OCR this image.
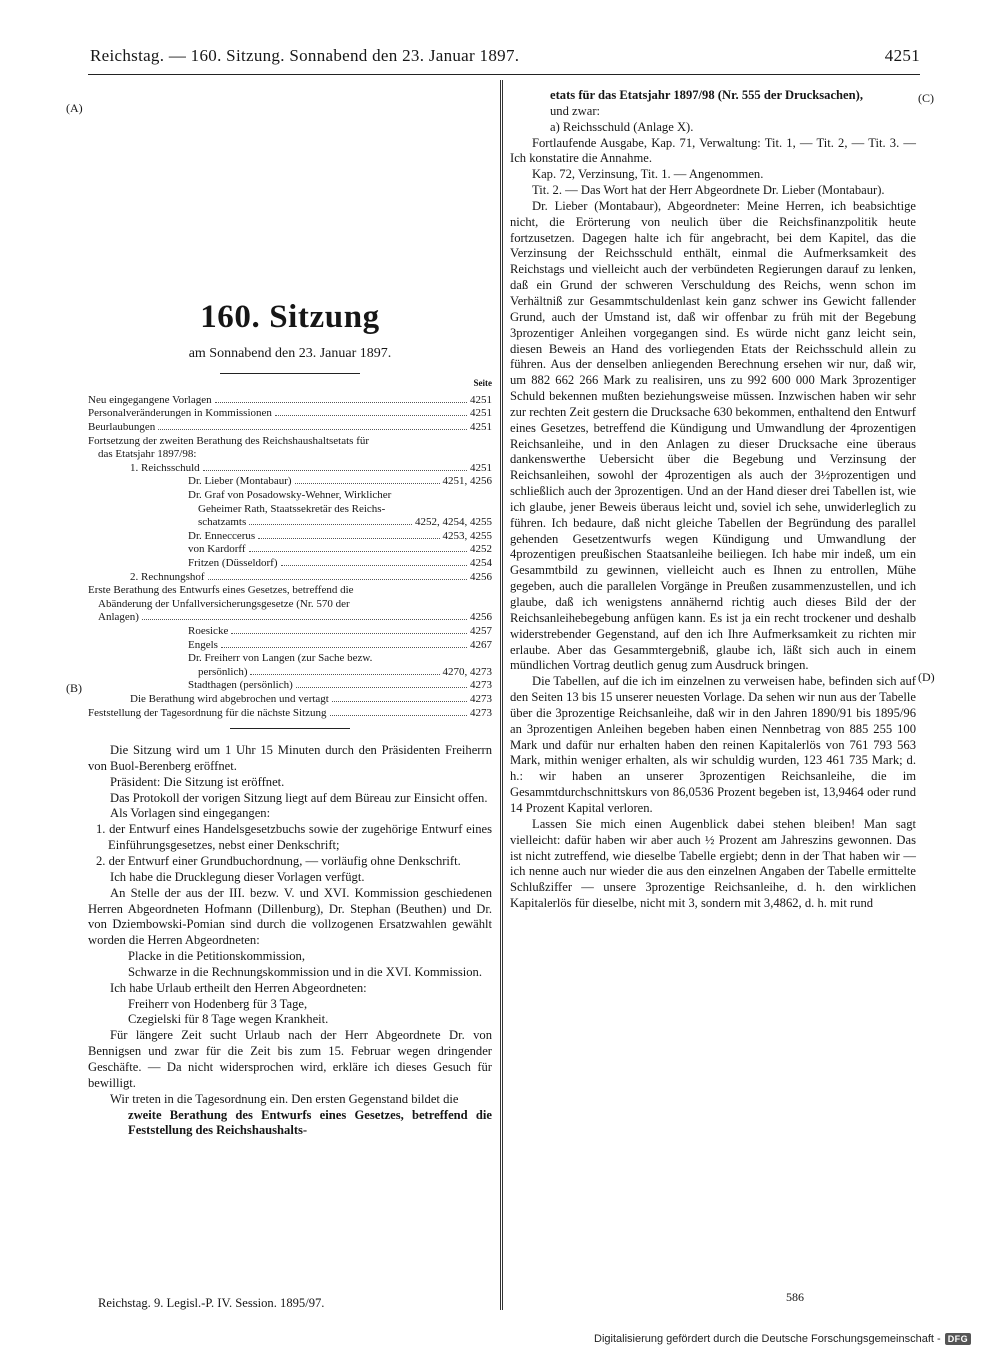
Reichstag. — 160. Sitzung. Sonnabend den 23. Januar 1897.	4251
(A)
(B)
(C)
(D)
160. Sitzung
am Sonnabend den 23. Januar 1897.
Seite
Neu eingegangene Vorlagen	4251
Personalveränderungen in Kommissionen	4251
Beurlaubungen	4251
Fortsetzung der zweiten Berathung des Reichshaushaltsetats für
das Etatsjahr 1897/98:
1. Reichsschuld	4251
Dr. Lieber (Montabaur)	4251, 4256
Dr. Graf von Posadowsky-Wehner, Wirklicher
Geheimer Rath, Staatssekretär des Reichs-
schatzamts	4252, 4254, 4255
Dr. Enneccerus	4253, 4255
von Kardorff	4252
Fritzen (Düsseldorf)	4254
2. Rechnungshof	4256
Erste Berathung des Entwurfs eines Gesetzes, betreffend die
Abänderung der Unfallversicherungsgesetze (Nr. 570 der
Anlagen)	4256
Roesicke	4257
Engels	4267
Dr. Freiherr von Langen (zur Sache bezw.
persönlich)	4270, 4273
Stadthagen (persönlich)	4273
Die Berathung wird abgebrochen und vertagt	4273
Feststellung der Tagesordnung für die nächste Sitzung	4273

Die Sitzung wird um 1 Uhr 15 Minuten durch den Präsidenten Freiherrn von Buol-Berenberg eröffnet.

Präsident: Die Sitzung ist eröffnet.

Das Protokoll der vorigen Sitzung liegt auf dem Büreau zur Einsicht offen.

Als Vorlagen sind eingegangen:

1. der Entwurf eines Handelsgesetzbuchs sowie der zugehörige Entwurf eines Einführungsgesetzes, nebst einer Denkschrift;

2. der Entwurf einer Grundbuchordnung, — vorläufig ohne Denkschrift.

Ich habe die Drucklegung dieser Vorlagen verfügt.

An Stelle der aus der III. bezw. V. und XVI. Kommission geschiedenen Herren Abgeordneten Hofmann (Dillenburg), Dr. Stephan (Beuthen) und Dr. von Dziembowski-Pomian sind durch die vollzogenen Ersatzwahlen gewählt worden die Herren Abgeordneten:

Placke in die Petitionskommission,

Schwarze in die Rechnungskommission und in die XVI. Kommission.

Ich habe Urlaub ertheilt den Herren Abgeordneten:

Freiherr von Hodenberg für 3 Tage,

Czegielski für 8 Tage wegen Krankheit.

Für längere Zeit sucht Urlaub nach der Herr Abgeordnete Dr. von Bennigsen und zwar für die Zeit bis zum 15. Februar wegen dringender Geschäfte. — Da nicht widersprochen wird, erkläre ich dieses Gesuch für bewilligt.

Wir treten in die Tagesordnung ein. Den ersten Gegenstand bildet die

zweite Berathung des Entwurfs eines Gesetzes, betreffend die Feststellung des Reichshaushalts-

etats für das Etatsjahr 1897/98 (Nr. 555 der Drucksachen),

und zwar:

a) Reichsschuld (Anlage X).

Fortlaufende Ausgabe, Kap. 71, Verwaltung: Tit. 1, — Tit. 2, — Tit. 3. — Ich konstatire die Annahme.

Kap. 72, Verzinsung, Tit. 1. — Angenommen.

Tit. 2. — Das Wort hat der Herr Abgeordnete Dr. Lieber (Montabaur).

Dr. Lieber (Montabaur), Abgeordneter: Meine Herren, ich beabsichtige nicht, die Erörterung von neulich über die Reichsfinanzpolitik heute fortzusetzen. Dagegen halte ich für angebracht, bei dem Kapitel, das die Verzinsung der Reichsschuld enthält, einmal die Aufmerksamkeit des Reichstags und vielleicht auch der verbündeten Regierungen darauf zu lenken, daß ein Grund der schweren Verschuldung des Reichs, wenn schon im Verhältniß zur Gesammtschuldenlast kein ganz schwer ins Gewicht fallender Grund, auch der Umstand ist, daß wir offenbar zu früh mit der Begebung 3prozentiger Anleihen vorgegangen sind. Es würde nicht ganz leicht sein, diesen Beweis an Hand des vorliegenden Etats der Reichsschuld allein zu führen. Aus der denselben anliegenden Berechnung ersehen wir nur, daß wir, um 882 662 266 Mark zu realisiren, uns zu 992 600 000 Mark 3prozentiger Schuld bekennen mußten beziehungsweise müssen. Inzwischen haben wir sehr zur rechten Zeit gestern die Drucksache 630 bekommen, enthaltend den Entwurf eines Gesetzes, betreffend die Kündigung und Umwandlung der 4prozentigen Reichsanleihe, und in den Anlagen zu dieser Drucksache eine überaus dankenswerthe Uebersicht über die Begebung und Verzinsung der Reichsanleihen, sowohl der 4prozentigen als auch der 3½prozentigen und schließlich auch der 3prozentigen. Und an der Hand dieser drei Tabellen ist, wie ich glaube, jener Beweis überaus leicht und, soviel ich sehe, unwiderleglich zu führen. Ich bedaure, daß nicht gleiche Tabellen der Begründung des parallel gehenden Gesetzentwurfs wegen Kündigung und Umwandlung der 4prozentigen preußischen Staatsanleihe beiliegen. Ich habe mir indeß, um ein Gesammtbild zu gewinnen, vielleicht auch es Ihnen zu entrollen, Mühe gegeben, auch die parallelen Vorgänge in Preußen zusammenzustellen, und ich glaube, daß ich wenigstens annähernd richtig auch dieses Bild der der Reichsanleihebegebung anfügen kann. Es ist ja ein recht trockener und deshalb widerstrebender Gegenstand, auf den ich Ihre Aufmerksamkeit zu richten mir erlaube. Aber das Gesammtergebniß, glaube ich, läßt sich auch in einem mündlichen Vortrag deutlich genug zum Ausdruck bringen.

Die Tabellen, auf die ich im einzelnen zu verweisen habe, befinden sich auf den Seiten 13 bis 15 unserer neuesten Vorlage. Da sehen wir nun aus der Tabelle über die 3prozentige Reichsanleihe, daß wir in den Jahren 1890/91 bis 1895/96 an 3prozentigen Anleihen begeben haben einen Nennbetrag von 885 255 100 Mark und dafür nur erhalten haben den reinen Kapitalerlös von 761 793 563 Mark, mithin weniger erhalten, als wir schuldig wurden, 123 461 735 Mark; d. h.: wir haben an unserer 3prozentigen Reichsanleihe, die im Gesammtdurchschnittskurs von 86,0536 Prozent begeben ist, 13,9464 oder rund 14 Prozent Kapital verloren.

Lassen Sie mich einen Augenblick dabei stehen bleiben! Man sagt vielleicht: dafür haben wir aber auch ½ Prozent am Jahreszins gewonnen. Das ist nicht zutreffend, wie dieselbe Tabelle ergiebt; denn in der That haben wir — ich nenne auch nur wieder die aus den einzelnen Angaben der Tabelle ermittelte Schlußziffer — unsere 3prozentige Reichsanleihe, d. h. den wirklichen Kapitalerlös für dieselbe, nicht mit 3, sondern mit 3,4862, d. h. mit rund

Reichstag. 9. Legisl.-P. IV. Session. 1895/97.	586
Digitalisierung gefördert durch die Deutsche Forschungsgemeinschaft - DFG
